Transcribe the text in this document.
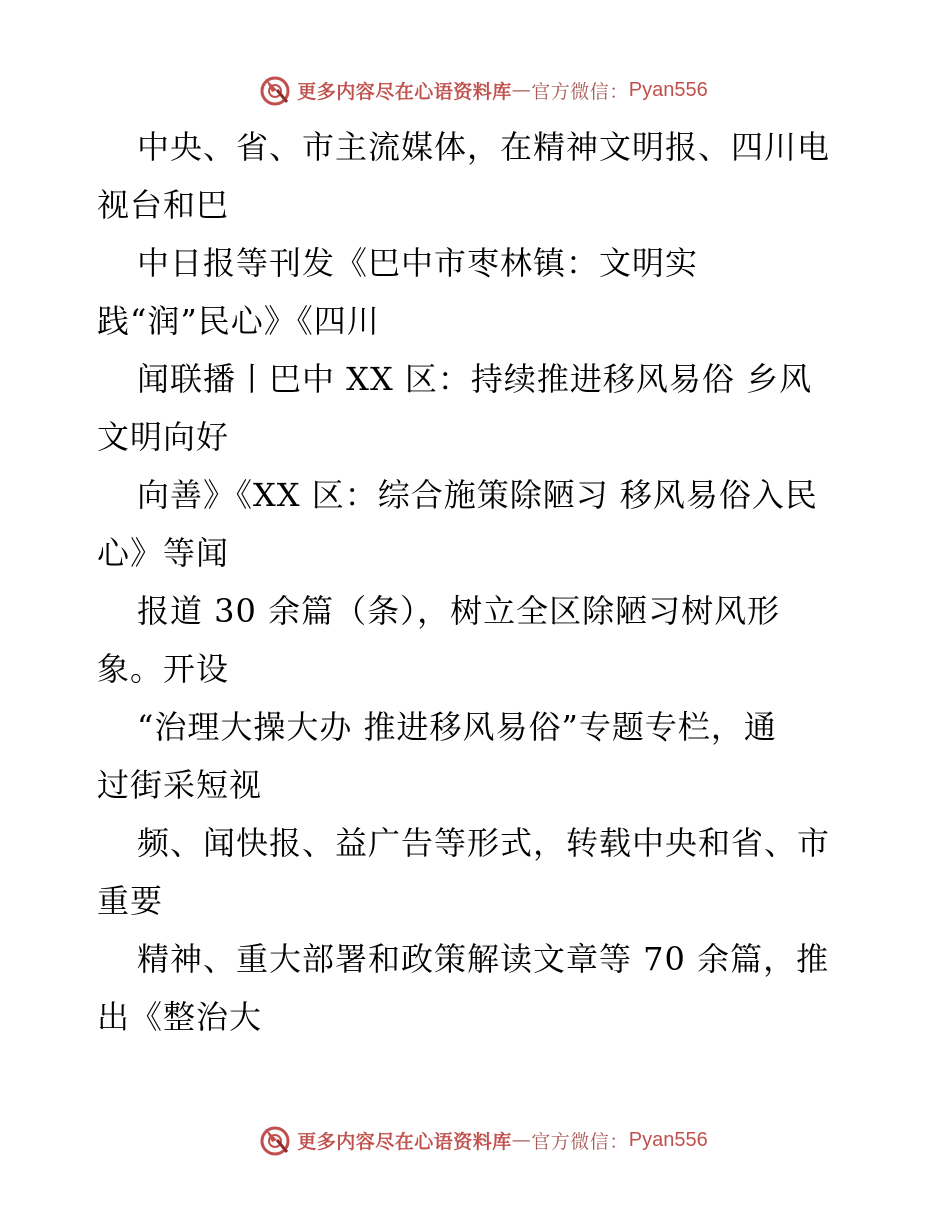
更多内容尽在心语资料库 — 官方微信： Pyan556
中央、省、市主流媒体，在精神文明报、四川电
视台和巴
中日报等刊发《巴中市枣林镇：文明实
践“润”民心》《四川
闻联播丨巴中 XX 区：持续推进移风易俗 乡风
文明向好
向善》《XX 区：综合施策除陋习 移风易俗入民
心》等闻
报道 30 余篇（条），树立全区除陋习树风形
象。开设
“治理大操大办 推进移风易俗”专题专栏，通
过街采短视
频、闻快报、益广告等形式，转载中央和省、市
重要
精神、重大部署和政策解读文章等 70 余篇，推
出《整治大
更多内容尽在心语资料库 — 官方微信： Pyan556
